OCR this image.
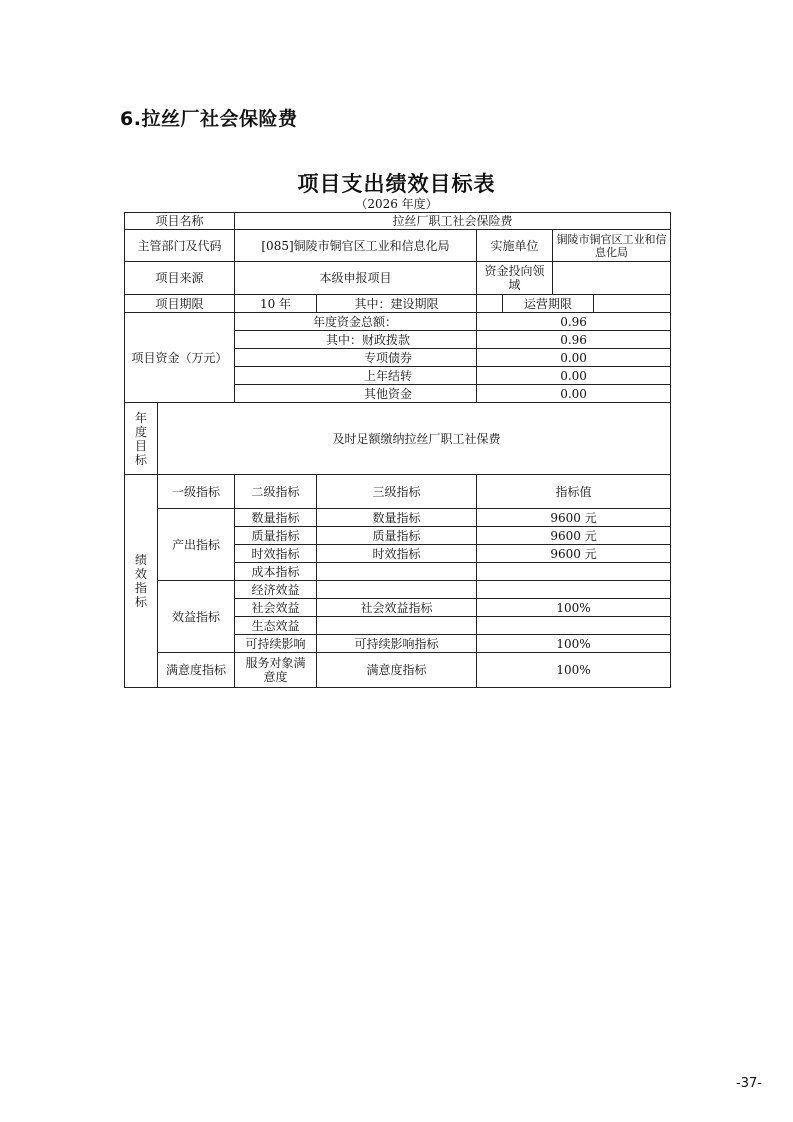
6.拉丝厂社会保险费
项目支出绩效目标表
（2026 年度）
项目名称		拉丝厂职工社会保险费					
主管部门及代码		[085]铜陵市铜官区工业和信息化局		实施单位		铜陵市铜官区工业和信息化局	
项目来源		本级申报项目		资金投向领域			
项目期限		10 年	其中：建设期限		运营期限		
项目资金（万元）		年度资金总额：		0.96			
		其中：财政拨款		0.96			
		专项债券		0.00			
		上年结转		0.00			
		其他资金		0.00			
年度目标	及时足额缴纳拉丝厂职工社保费						
绩效指标	一级指标	二级指标	三级指标	指标值			
	产出指标	数量指标	数量指标	9600 元			
		质量指标	质量指标	9600 元			
		时效指标	时效指标	9600 元			
		成本指标					
	效益指标	经济效益					
		社会效益	社会效益指标	100%			
		生态效益					
		可持续影响	可持续影响指标	100%			
	满意度指标	服务对象满意度	满意度指标	100%			
-37-
